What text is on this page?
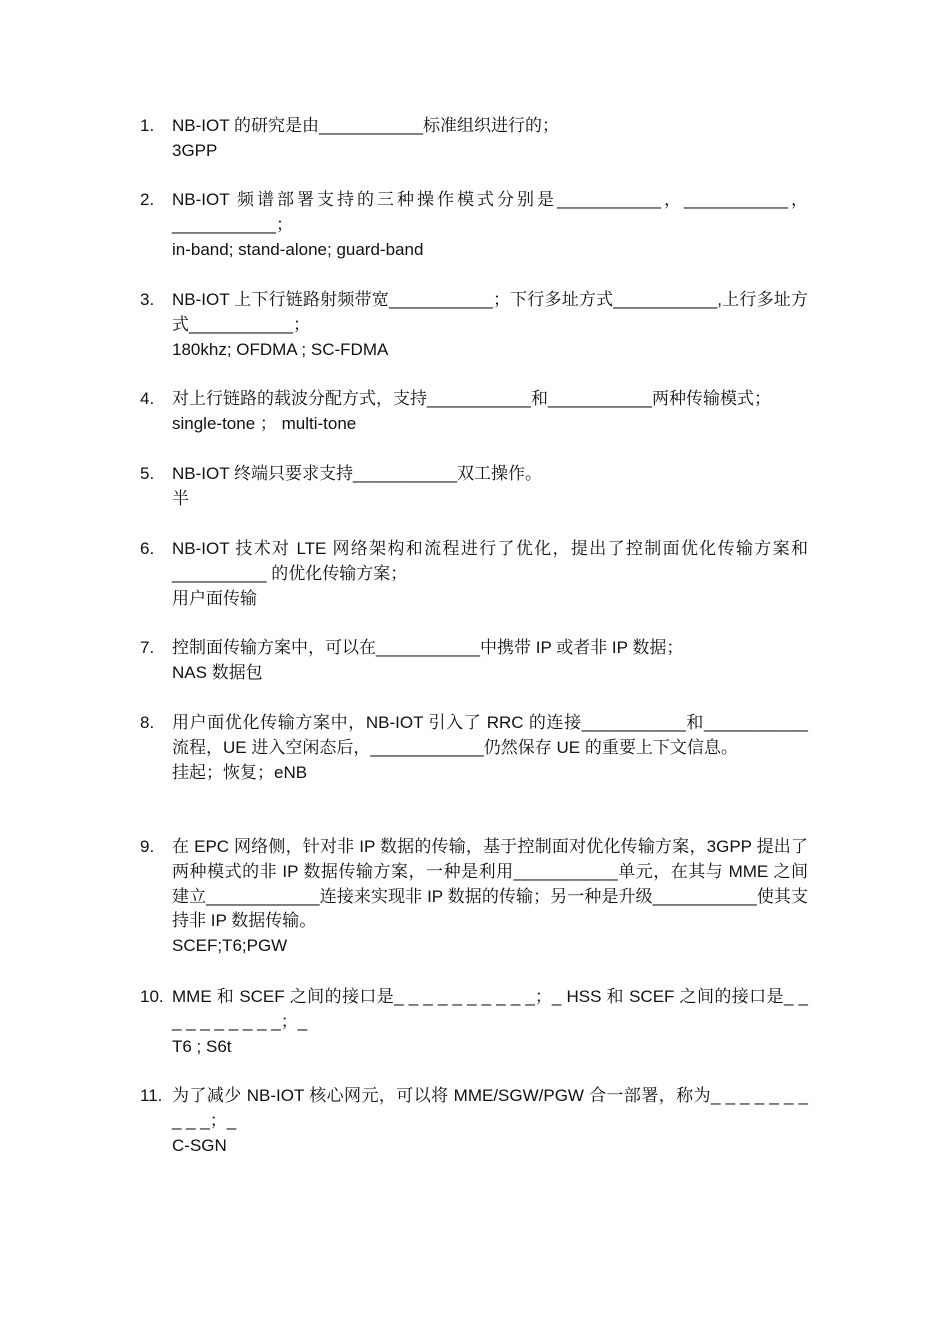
1.	NB-IOT 的研究是由___________标准组织进行的；

3GPP

2.	NB-IOT 频谱部署支持的三种操作模式分别是___________，___________，___________；

in-band; stand-alone; guard-band

3.	NB-IOT 上下行链路射频带宽___________；下行多址方式___________,上行多址方式___________；

180khz; OFDMA ; SC-FDMA

4.	对上行链路的载波分配方式，支持___________和___________两种传输模式；

single-tone ； multi-tone

5.	NB-IOT 终端只要求支持___________双工操作。

半

6.	NB-IOT 技术对 LTE 网络架构和流程进行了优化，提出了控制面优化传输方案和__________ 的优化传输方案；

用户面传输

7.	控制面传输方案中，可以在___________中携带 IP 或者非 IP 数据；

NAS 数据包

8.	用户面优化传输方案中，NB-IOT 引入了 RRC 的连接___________和___________流程，UE 进入空闲态后，____________仍然保存 UE 的重要上下文信息。

挂起；恢复；eNB

9.	在 EPC 网络侧，针对非 IP 数据的传输，基于控制面对优化传输方案，3GPP 提出了两种模式的非 IP 数据传输方案，一种是利用___________单元，在其与 MME 之间建立____________连接来实现非 IP 数据的传输；另一种是升级___________使其支持非 IP 数据传输。

SCEF;T6;PGW

10. MME 和 SCEF 之间的接口是_ _ _ _ _ _ _ _ _ _；_ HSS 和 SCEF 之间的接口是_ _ _ _ _ _ _ _ _ _；_

T6 ; S6t

11. 为了减少 NB-IOT 核心网元，可以将 MME/SGW/PGW 合一部署，称为_ _ _ _ _ _ _ _ _ _；_

C-SGN
